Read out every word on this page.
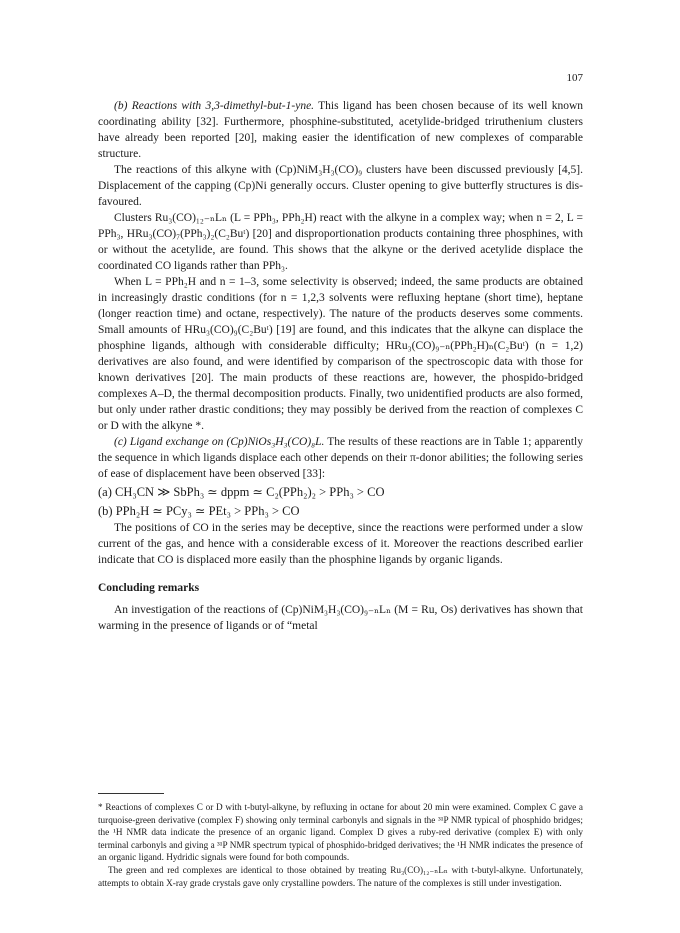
107

(b) Reactions with 3,3-dimethyl-but-1-yne. This ligand has been chosen because of its well known coordinating ability [32]. Furthermore, phosphine-substituted, acetylide-bridged triruthenium clusters have already been reported [20], making easier the identification of new complexes of comparable structure.

The reactions of this alkyne with (Cp)NiM₃H₃(CO)₉ clusters have been discussed previously [4,5]. Displacement of the capping (Cp)Ni generally occurs. Cluster opening to give butterfly structures is dis-favoured.

Clusters Ru₃(CO)₁₂₋ₙLₙ (L = PPh₃, PPh₂H) react with the alkyne in a complex way; when n = 2, L = PPh₃, HRu₃(CO)₇(PPh₃)₂(C₂Buᵗ) [20] and disproportionation products containing three phosphines, with or without the acetylide, are found. This shows that the alkyne or the derived acetylide displace the coordinated CO ligands rather than PPh₃.

When L = PPh₂H and n = 1–3, some selectivity is observed; indeed, the same products are obtained in increasingly drastic conditions (for n = 1,2,3 solvents were refluxing heptane (short time), heptane (longer reaction time) and octane, respectively). The nature of the products deserves some comments. Small amounts of HRu₃(CO)₉(C₂Buᵗ) [19] are found, and this indicates that the alkyne can displace the phosphine ligands, although with considerable difficulty; HRu₃(CO)₉₋ₙ(PPh₂H)ₙ(C₂Buᵗ) (n = 1,2) derivatives are also found, and were identified by comparison of the spectroscopic data with those for known derivatives [20]. The main products of these reactions are, however, the phospido-bridged complexes A–D, the thermal decomposition products. Finally, two unidentified products are also formed, but only under rather drastic conditions; they may possibly be derived from the reaction of complexes C or D with the alkyne *.

(c) Ligand exchange on (Cp)NiOs₃H₃(CO)₈L. The results of these reactions are in Table 1; apparently the sequence in which ligands displace each other depends on their π-donor abilities; the following series of ease of displacement have been observed [33]:

(a) CH₃CN ≫ SbPh₃ ≃ dppm ≃ C₂(PPh₂)₂ > PPh₃ > CO
(b) PPh₂H ≃ PCy₃ ≃ PEt₃ > PPh₃ > CO

The positions of CO in the series may be deceptive, since the reactions were performed under a slow current of the gas, and hence with a considerable excess of it. Moreover the reactions described earlier indicate that CO is displaced more easily than the phosphine ligands by organic ligands.

Concluding remarks

An investigation of the reactions of (Cp)NiM₃H₃(CO)₉₋ₙLₙ (M = Ru, Os) derivatives has shown that warming in the presence of ligands or of “metal

* Reactions of complexes C or D with t-butyl-alkyne, by refluxing in octane for about 20 min were examined. Complex C gave a turquoise-green derivative (complex F) showing only terminal carbonyls and signals in the ³¹P NMR typical of phosphido bridges; the ¹H NMR data indicate the presence of an organic ligand. Complex D gives a ruby-red derivative (complex E) with only terminal carbonyls and giving a ³¹P NMR spectrum typical of phosphido-bridged derivatives; the ¹H NMR indicates the presence of an organic ligand. Hydridic signals were found for both compounds.

The green and red complexes are identical to those obtained by treating Ru₃(CO)₁₂₋ₙLₙ with t-butyl-alkyne. Unfortunately, attempts to obtain X-ray grade crystals gave only crystalline powders. The nature of the complexes is still under investigation.
